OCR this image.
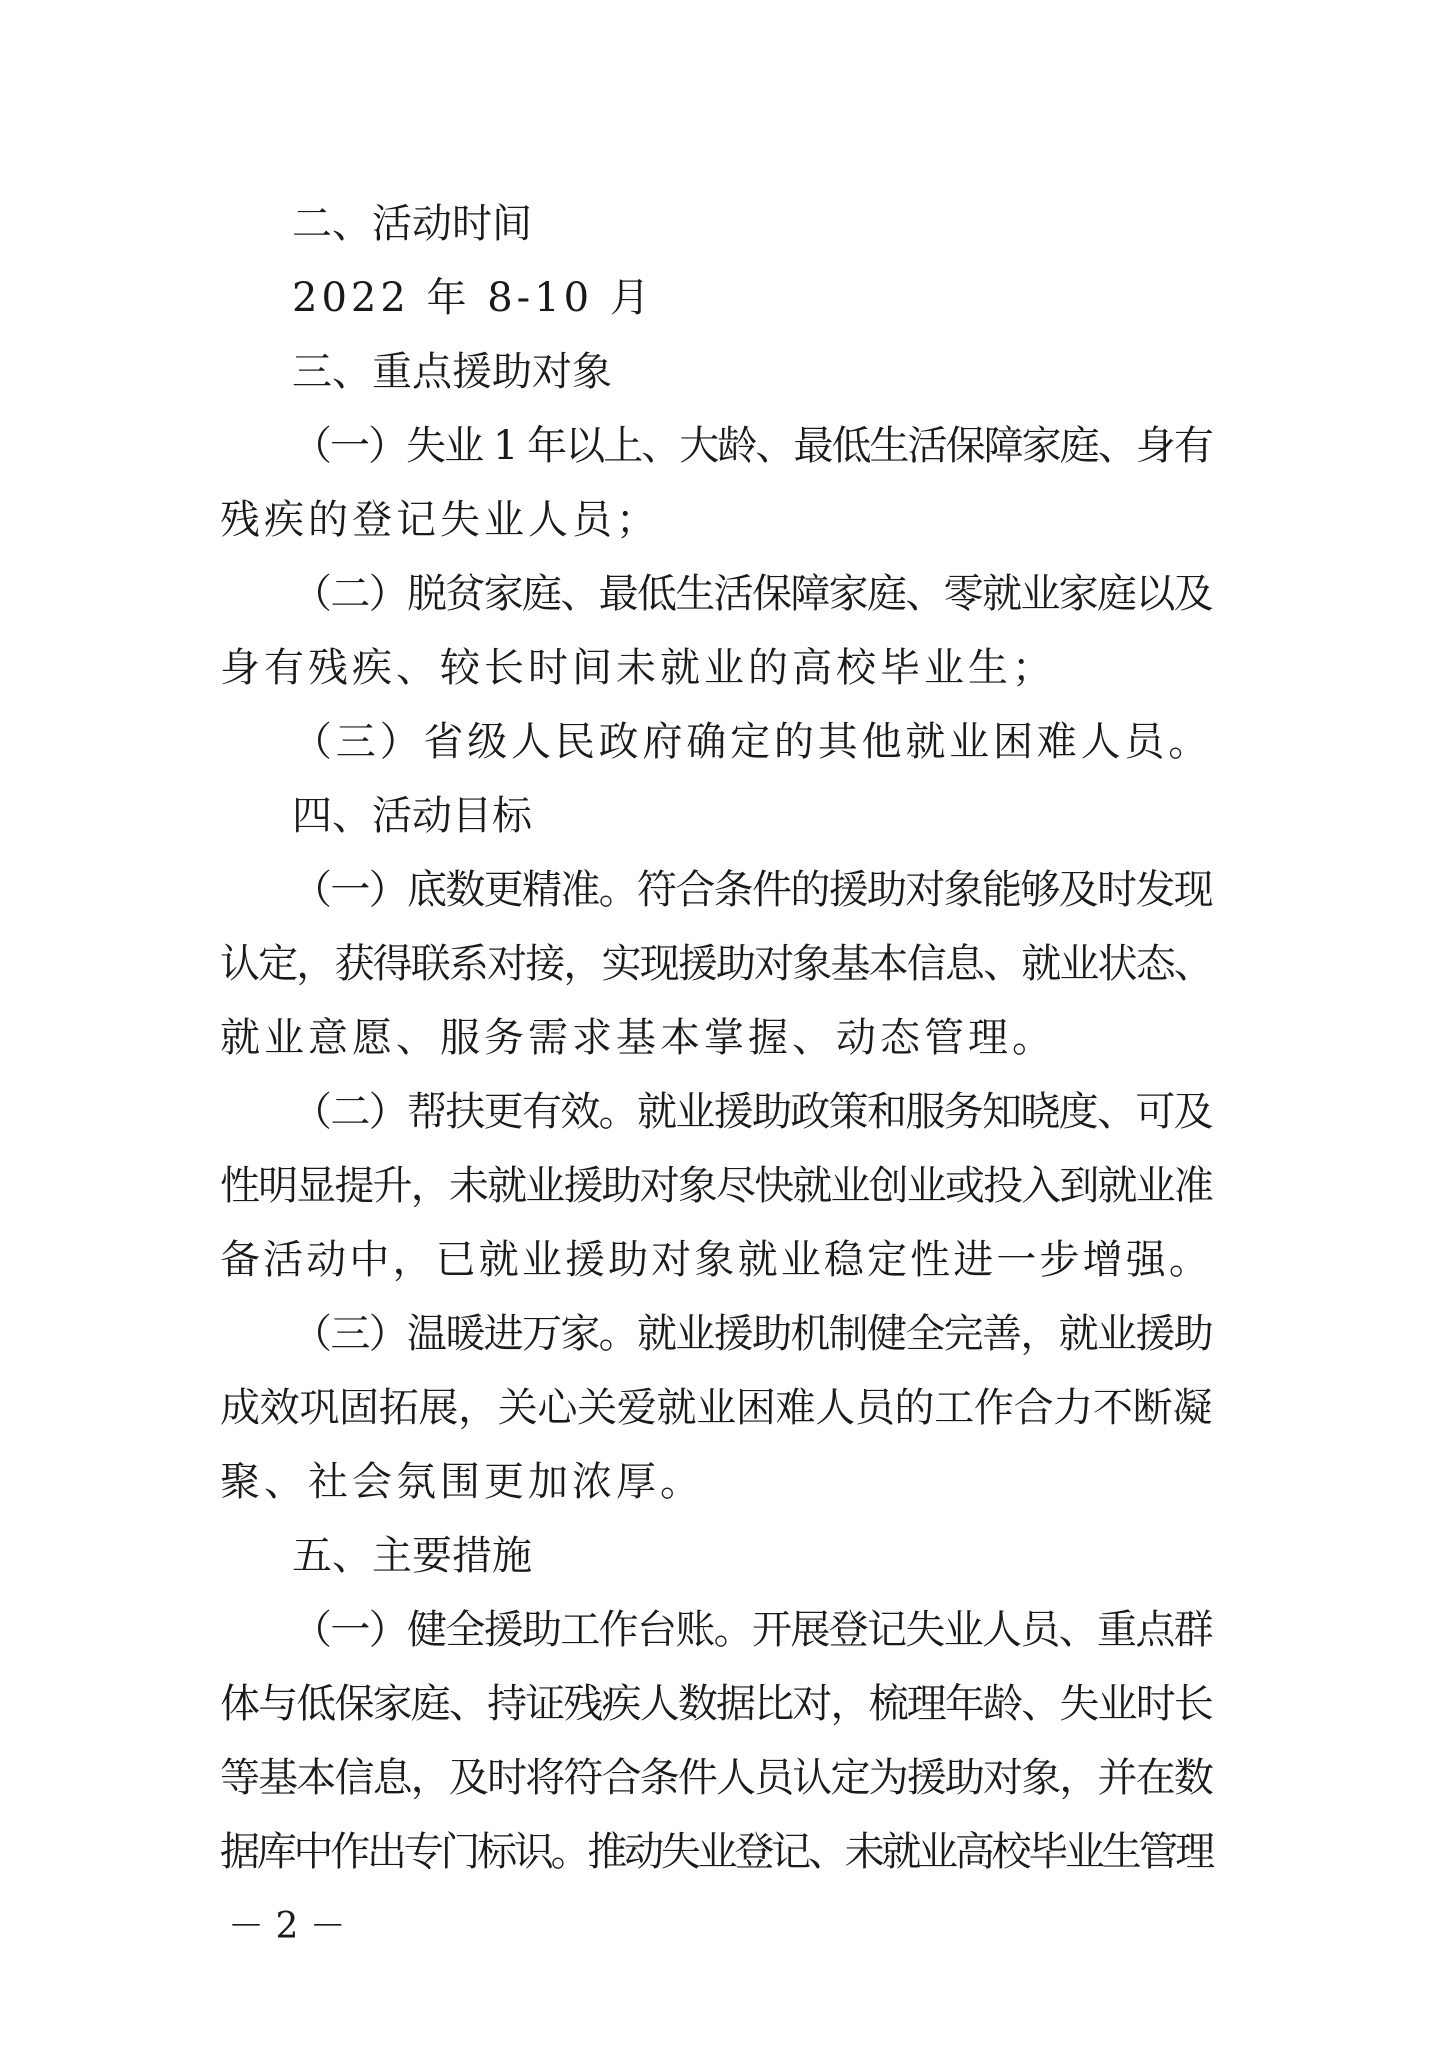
二、活动时间
2022 年 8-10 月
三、重点援助对象
（一）失业 1 年以上、大龄、最低生活保障家庭、身有
残疾的登记失业人员；
（二）脱贫家庭、最低生活保障家庭、零就业家庭以及
身有残疾、较长时间未就业的高校毕业生；
（三）省级人民政府确定的其他就业困难人员。
四、活动目标
（一）底数更精准。符合条件的援助对象能够及时发现
认定，获得联系对接，实现援助对象基本信息、就业状态、
就业意愿、服务需求基本掌握、动态管理。
（二）帮扶更有效。就业援助政策和服务知晓度、可及
性明显提升，未就业援助对象尽快就业创业或投入到就业准
备活动中，已就业援助对象就业稳定性进一步增强。
（三）温暖进万家。就业援助机制健全完善，就业援助
成效巩固拓展，关心关爱就业困难人员的工作合力不断凝
聚、社会氛围更加浓厚。
五、主要措施
（一）健全援助工作台账。开展登记失业人员、重点群
体与低保家庭、持证残疾人数据比对，梳理年龄、失业时长
等基本信息，及时将符合条件人员认定为援助对象，并在数
据库中作出专门标识。推动失业登记、未就业高校毕业生管理
－ 2 －
